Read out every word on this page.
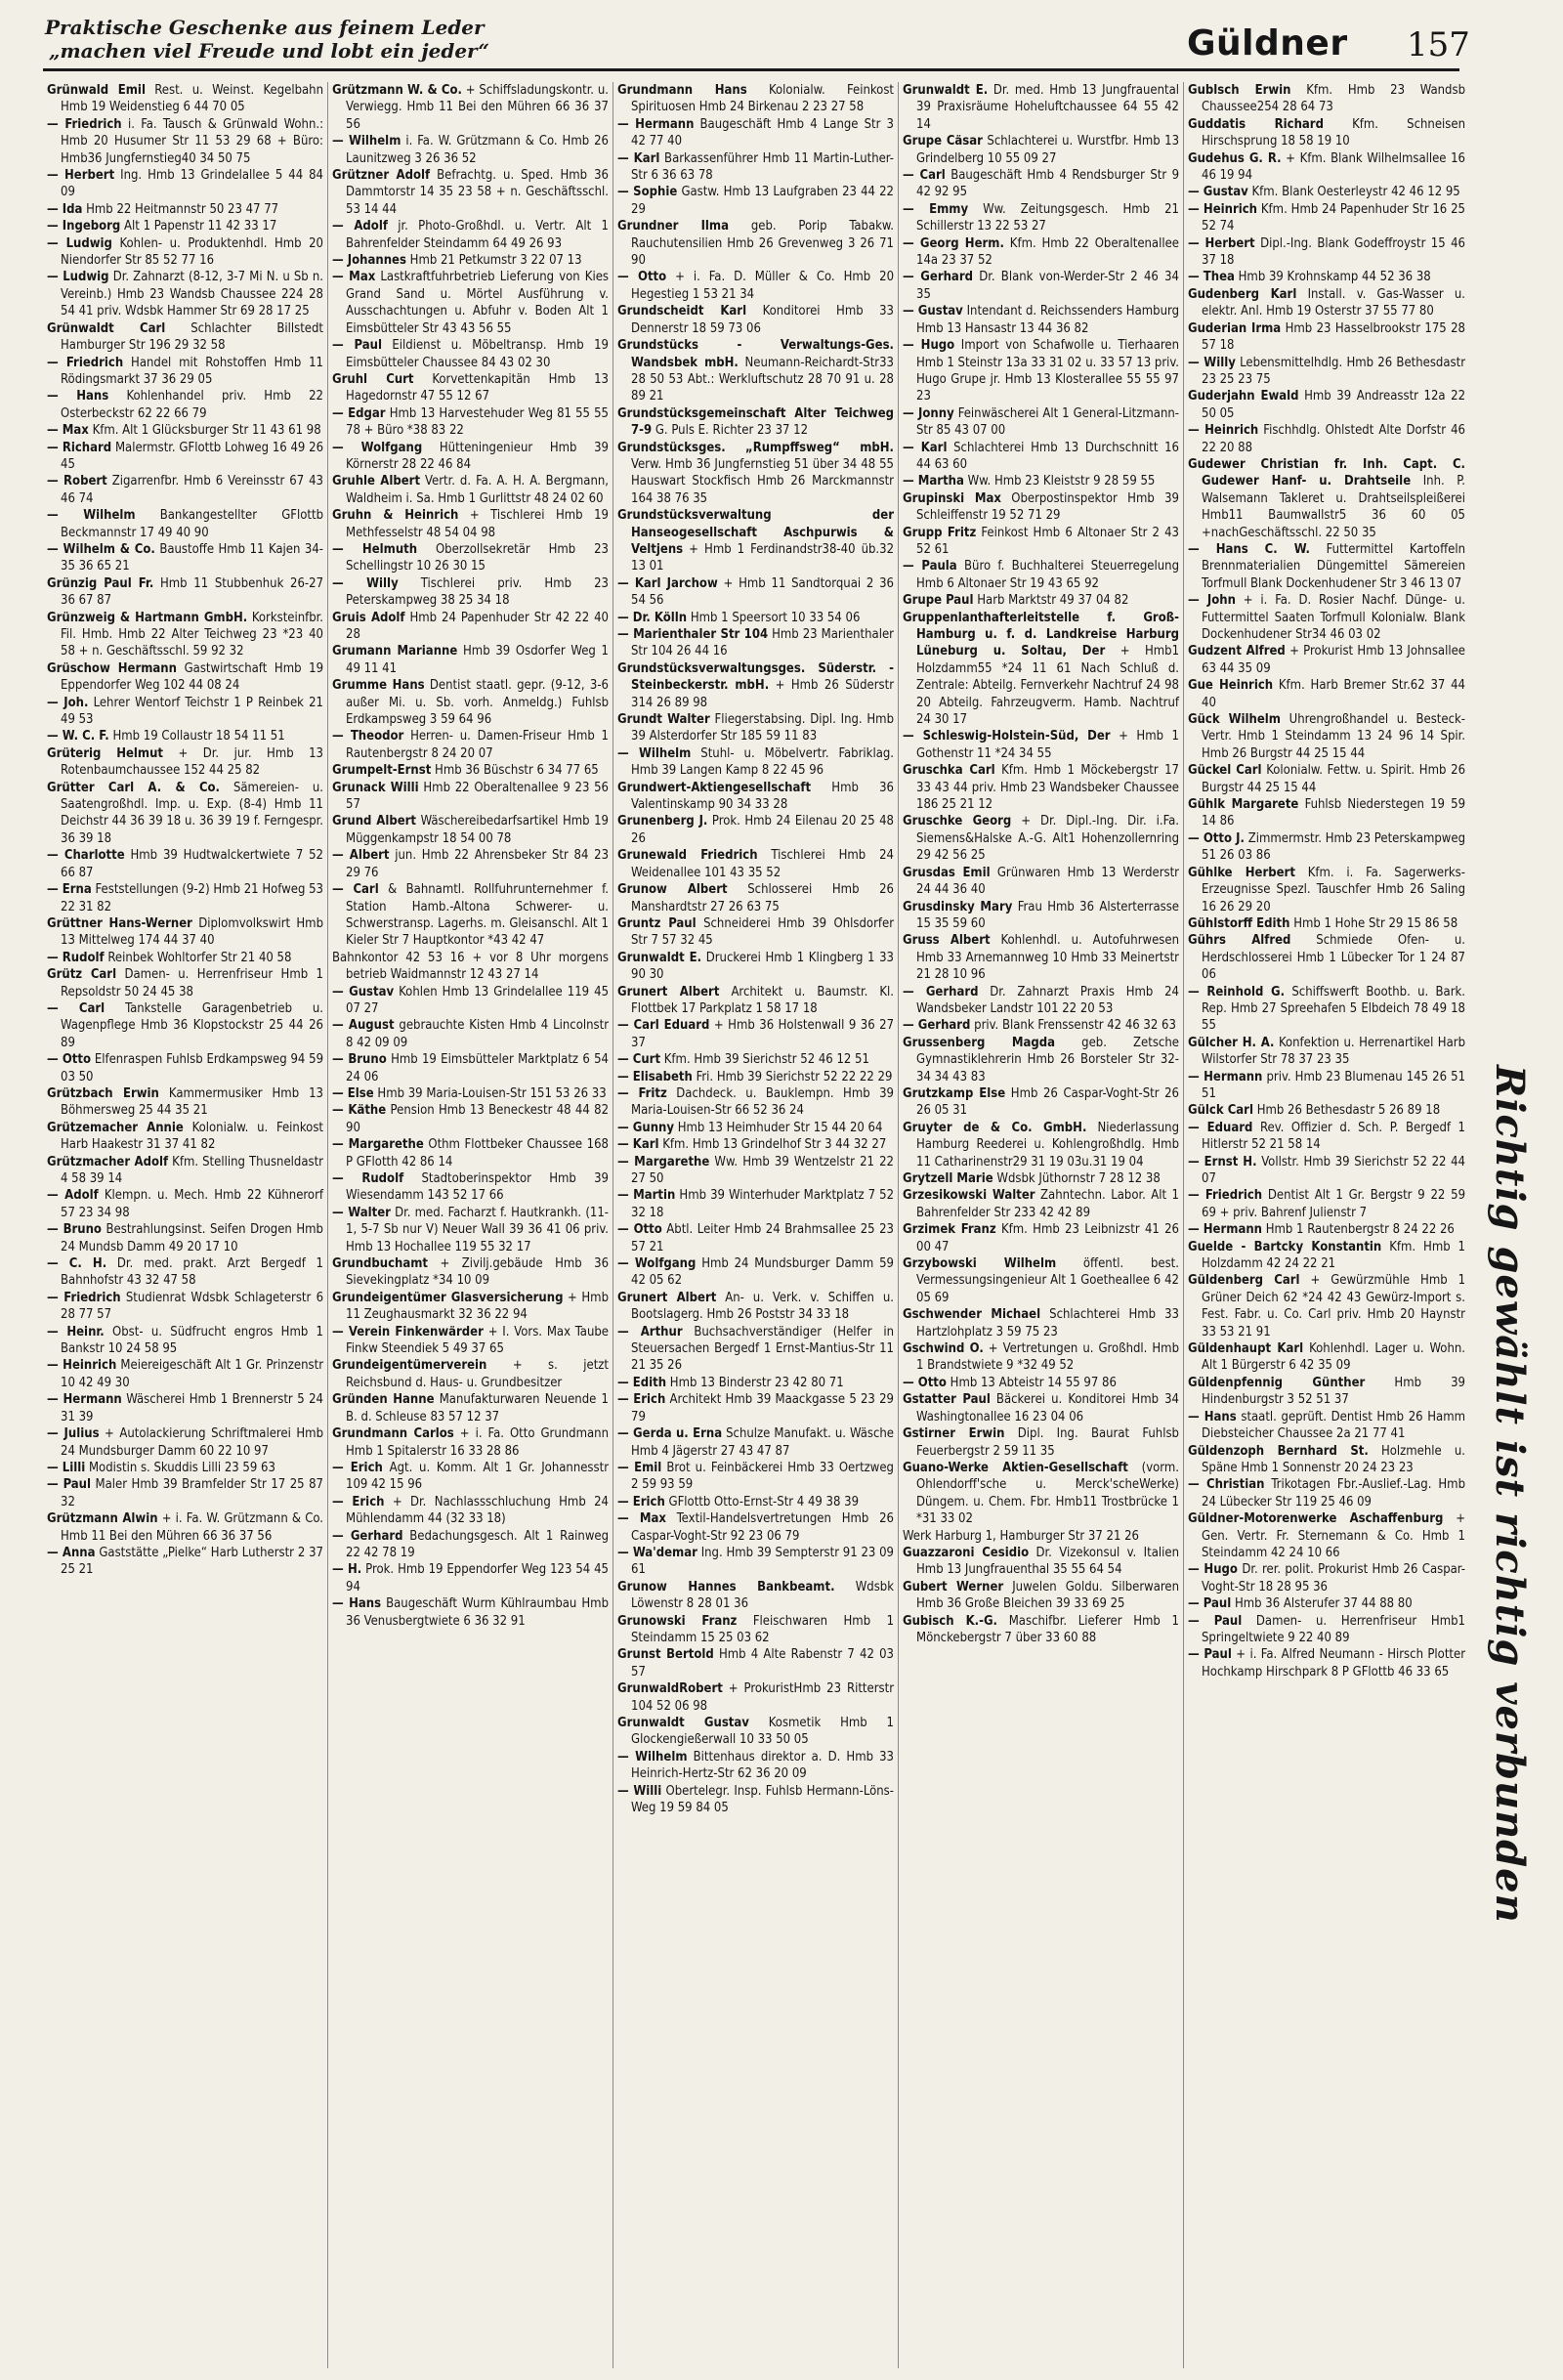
Praktische Geschenke aus feinem Leder
„machen viel Freude und lobt ein jeder“	Güldner 157

Grünwald Emil Rest. u. Weinst. Kegelbahn Hmb 19 Weidenstieg 6 44 70 05

— Friedrich i. Fa. Tausch & Grünwald Wohn.: Hmb 20 Husumer Str 11 53 29 68 + Büro: Hmb36 Jungfernstieg40 34 50 75

— Herbert Ing. Hmb 13 Grindelallee 5 44 84 09

— Ida Hmb 22 Heitmannstr 50 23 47 77

— Ingeborg Alt 1 Papenstr 11 42 33 17

— Ludwig Kohlen- u. Produktenhdl. Hmb 20 Niendorfer Str 85 52 77 16

— Ludwig Dr. Zahnarzt (8-12, 3-7 Mi N. u Sb n. Vereinb.) Hmb 23 Wandsb Chaussee 224 28 54 41 priv. Wdsbk Hammer Str 69 28 17 25

Grünwaldt Carl Schlachter Billstedt Hamburger Str 196 29 32 58

— Friedrich Handel mit Rohstoffen Hmb 11 Rödingsmarkt 37 36 29 05

— Hans Kohlenhandel priv. Hmb 22 Osterbeckstr 62 22 66 79

— Max Kfm. Alt 1 Glücksburger Str 11 43 61 98

— Richard Malermstr. GFlottb Lohweg 16 49 26 45

— Robert Zigarrenfbr. Hmb 6 Vereinsstr 67 43 46 74

— Wilhelm Bankangestellter GFlottb Beckmannstr 17 49 40 90

— Wilhelm & Co. Baustoffe Hmb 11 Kajen 34-35 36 65 21

Grünzig Paul Fr. Hmb 11 Stubbenhuk 26-27 36 67 87

Grünzweig & Hartmann GmbH. Korksteinfbr. Fil. Hmb. Hmb 22 Alter Teichweg 23 *23 40 58 + n. Geschäftsschl. 59 92 32

Grüschow Hermann Gastwirtschaft Hmb 19 Eppendorfer Weg 102 44 08 24

— Joh. Lehrer Wentorf Teichstr 1 P Reinbek 21 49 53

— W. C. F. Hmb 19 Collaustr 18 54 11 51

Grüterig Helmut + Dr. jur. Hmb 13 Rotenbaumchaussee 152 44 25 82

Grütter Carl A. & Co. Sämereien- u. Saatengroßhdl. Imp. u. Exp. (8-4) Hmb 11 Deichstr 44 36 39 18 u. 36 39 19 f. Ferngespr. 36 39 18

— Charlotte Hmb 39 Hudtwalckertwiete 7 52 66 87

— Erna Feststellungen (9-2) Hmb 21 Hofweg 53 22 31 82

Grüttner Hans-Werner Diplomvolkswirt Hmb 13 Mittelweg 174 44 37 40

— Rudolf Reinbek Wohltorfer Str 21 40 58

Grütz Carl Damen- u. Herrenfriseur Hmb 1 Repsoldstr 50 24 45 38

— Carl Tankstelle Garagenbetrieb u. Wagenpflege Hmb 36 Klopstockstr 25 44 26 89

— Otto Elfenraspen Fuhlsb Erdkampsweg 94 59 03 50

Grützbach Erwin Kammermusiker Hmb 13 Böhmersweg 25 44 35 21

Grützemacher Annie Kolonialw. u. Feinkost Harb Haakestr 31 37 41 82

Grützmacher Adolf Kfm. Stelling Thusneldastr 4 58 39 14

— Adolf Klempn. u. Mech. Hmb 22 Kühnerorf 57 23 34 98

— Bruno Bestrahlungsinst. Seifen Drogen Hmb 24 Mundsb Damm 49 20 17 10

— C. H. Dr. med. prakt. Arzt Bergedf 1 Bahnhofstr 43 32 47 58

— Friedrich Studienrat Wdsbk Schlageterstr 6 28 77 57

— Heinr. Obst- u. Südfrucht engros Hmb 1 Bankstr 10 24 58 95

— Heinrich Meiereigeschäft Alt 1 Gr. Prinzenstr 10 42 49 30

— Hermann Wäscherei Hmb 1 Brennerstr 5 24 31 39

— Julius + Autolackierung Schriftmalerei Hmb 24 Mundsburger Damm 60 22 10 97

— Lilli Modistin s. Skuddis Lilli 23 59 63

— Paul Maler Hmb 39 Bramfelder Str 17 25 87 32

Grützmann Alwin + i. Fa. W. Grützmann & Co. Hmb 11 Bei den Mühren 66 36 37 56

— Anna Gaststätte „Pielke“ Harb Lutherstr 2 37 25 21

Grützmann W. & Co. + Schiffsladungskontr. u. Verwiegg. Hmb 11 Bei den Mühren 66 36 37 56

— Wilhelm i. Fa. W. Grützmann & Co. Hmb 26 Launitzweg 3 26 36 52

Grützner Adolf Befrachtg. u. Sped. Hmb 36 Dammtorstr 14 35 23 58 + n. Geschäftsschl. 53 14 44

— Adolf jr. Photo-Großhdl. u. Vertr. Alt 1 Bahrenfelder Steindamm 64 49 26 93

— Johannes Hmb 21 Petkumstr 3 22 07 13

— Max Lastkraftfuhrbetrieb Lieferung von Kies Grand Sand u. Mörtel Ausführung v. Ausschachtungen u. Abfuhr v. Boden Alt 1 Eimsbütteler Str 43 43 56 55

— Paul Eildienst u. Möbeltransp. Hmb 19 Eimsbütteler Chaussee 84 43 02 30

Gruhl Curt Korvettenkapitän Hmb 13 Hagedornstr 47 55 12 67

— Edgar Hmb 13 Harvestehuder Weg 81 55 55 78 + Büro *38 83 22

— Wolfgang Hütteningenieur Hmb 39 Körnerstr 28 22 46 84

Gruhle Albert Vertr. d. Fa. A. H. A. Bergmann, Waldheim i. Sa. Hmb 1 Gurlittstr 48 24 02 60

Gruhn & Heinrich + Tischlerei Hmb 19 Methfesselstr 48 54 04 98

— Helmuth Oberzollsekretär Hmb 23 Schellingstr 10 26 30 15

— Willy Tischlerei priv. Hmb 23 Peterskampweg 38 25 34 18

Gruis Adolf Hmb 24 Papenhuder Str 42 22 40 28

Grumann Marianne Hmb 39 Osdorfer Weg 1 49 11 41

Grumme Hans Dentist staatl. gepr. (9-12, 3-6 außer Mi. u. Sb. vorh. Anmeldg.) Fuhlsb Erdkampsweg 3 59 64 96

— Theodor Herren- u. Damen-Friseur Hmb 1 Rautenbergstr 8 24 20 07

Grumpelt-Ernst Hmb 36 Büschstr 6 34 77 65

Grunack Willi Hmb 22 Oberaltenallee 9 23 56 57

Grund Albert Wäschereibedarfsartikel Hmb 19 Müggenkampstr 18 54 00 78

— Albert jun. Hmb 22 Ahrensbeker Str 84 23 29 76

— Carl & Bahnamtl. Rollfuhrunternehmer f. Station Hamb.-Altona Schwerer- u. Schwerstransp. Lagerhs. m. Gleisanschl. Alt 1 Kieler Str 7 Hauptkontor *43 42 47

Bahnkontor 42 53 16 + vor 8 Uhr morgens betrieb Waidmannstr 12 43 27 14

— Gustav Kohlen Hmb 13 Grindelallee 119 45 07 27

— August gebrauchte Kisten Hmb 4 Lincolnstr 8 42 09 09

— Bruno Hmb 19 Eimsbütteler Marktplatz 6 54 24 06

— Else Hmb 39 Maria-Louisen-Str 151 53 26 33

— Käthe Pension Hmb 13 Beneckestr 48 44 82 90

— Margarethe Othm Flottbeker Chaussee 168 P GFlotth 42 86 14

— Rudolf Stadtoberinspektor Hmb 39 Wiesendamm 143 52 17 66

— Walter Dr. med. Facharzt f. Hautkrankh. (11-1, 5-7 Sb nur V) Neuer Wall 39 36 41 06 priv. Hmb 13 Hochallee 119 55 32 17

Grundbuchamt + Zivilj.gebäude Hmb 36 Sievekingplatz *34 10 09

Grundeigentümer Glasversicherung + Hmb 11 Zeughausmarkt 32 36 22 94

— Verein Finkenwärder + I. Vors. Max Taube Finkw Steendiek 5 49 37 65

Grundeigentümerverein + s. jetzt Reichsbund d. Haus- u. Grundbesitzer

Gründen Hanne Manufakturwaren Neuende 1 B. d. Schleuse 83 57 12 37

Grundmann Carlos + i. Fa. Otto Grundmann Hmb 1 Spitalerstr 16 33 28 86

— Erich Agt. u. Komm. Alt 1 Gr. Johannesstr 109 42 15 96

— Erich + Dr. Nachlassschluchung Hmb 24 Mühlendamm 44 (32 33 18)

— Gerhard Bedachungsgesch. Alt 1 Rainweg 22 42 78 19

— H. Prok. Hmb 19 Eppendorfer Weg 123 54 45 94

— Hans Baugeschäft Wurm Kühlraumbau Hmb 36 Venusbergtwiete 6 36 32 91

Grundmann Hans Kolonialw. Feinkost Spirituosen Hmb 24 Birkenau 2 23 27 58

— Hermann Baugeschäft Hmb 4 Lange Str 3 42 77 40

— Karl Barkassenführer Hmb 11 Martin-Luther-Str 6 36 63 78

— Sophie Gastw. Hmb 13 Laufgraben 23 44 22 29

Grundner Ilma geb. Porip Tabakw. Rauchutensilien Hmb 26 Grevenweg 3 26 71 90

— Otto + i. Fa. D. Müller & Co. Hmb 20 Hegestieg 1 53 21 34

Grundscheidt Karl Konditorei Hmb 33 Dennerstr 18 59 73 06

Grundstücks - Verwaltungs-Ges. Wandsbek mbH. Neumann-Reichardt-Str33 28 50 53 Abt.: Werkluftschutz 28 70 91 u. 28 89 21

Grundstücksgemeinschaft Alter Teichweg 7-9 G. Puls E. Richter 23 37 12

Grundstücksges. „Rumpffsweg“ mbH. Verw. Hmb 36 Jungfernstieg 51 über 34 48 55 Hauswart Stockfisch Hmb 26 Marckmannstr 164 38 76 35

Grundstücksverwaltung der Hanseogesellschaft Aschpurwis & Veltjens + Hmb 1 Ferdinandstr38-40 üb.32 13 01

— Karl Jarchow + Hmb 11 Sandtorquai 2 36 54 56

— Dr. Kölln Hmb 1 Speersort 10 33 54 06

— Marienthaler Str 104 Hmb 23 Marienthaler Str 104 26 44 16

Grundstücksverwaltungsges. Süderstr. - Steinbeckerstr. mbH. + Hmb 26 Süderstr 314 26 89 98

Grundt Walter Fliegerstabsing. Dipl. Ing. Hmb 39 Alsterdorfer Str 185 59 11 83

— Wilhelm Stuhl- u. Möbelvertr. Fabriklag. Hmb 39 Langen Kamp 8 22 45 96

Grundwert-Aktiengesellschaft Hmb 36 Valentinskamp 90 34 33 28

Grunenberg J. Prok. Hmb 24 Eilenau 20 25 48 26

Grunewald Friedrich Tischlerei Hmb 24 Weidenallee 101 43 35 52

Grunow Albert Schlosserei Hmb 26 Manshardtstr 27 26 63 75

Gruntz Paul Schneiderei Hmb 39 Ohlsdorfer Str 7 57 32 45

Grunwaldt E. Druckerei Hmb 1 Klingberg 1 33 90 30

Grunert Albert Architekt u. Baumstr. Kl. Flottbek 17 Parkplatz 1 58 17 18

— Carl Eduard + Hmb 36 Holstenwall 9 36 27 37

— Curt Kfm. Hmb 39 Sierichstr 52 46 12 51

— Elisabeth Fri. Hmb 39 Sierichstr 52 22 22 29

— Fritz Dachdeck. u. Bauklempn. Hmb 39 Maria-Louisen-Str 66 52 36 24

— Gunny Hmb 13 Heimhuder Str 15 44 20 64

— Karl Kfm. Hmb 13 Grindelhof Str 3 44 32 27

— Margarethe Ww. Hmb 39 Wentzelstr 21 22 27 50

— Martin Hmb 39 Winterhuder Marktplatz 7 52 32 18

— Otto Abtl. Leiter Hmb 24 Brahmsallee 25 23 57 21

— Wolfgang Hmb 24 Mundsburger Damm 59 42 05 62

Grunert Albert An- u. Verk. v. Schiffen u. Bootslagerg. Hmb 26 Poststr 34 33 18

— Arthur Buchsachverständiger (Helfer in Steuersachen Bergedf 1 Ernst-Mantius-Str 11 21 35 26

— Edith Hmb 13 Binderstr 23 42 80 71

— Erich Architekt Hmb 39 Maackgasse 5 23 29 79

— Gerda u. Erna Schulze Manufakt. u. Wäsche Hmb 4 Jägerstr 27 43 47 87

— Emil Brot u. Feinbäckerei Hmb 33 Oertzweg 2 59 93 59

— Erich GFlottb Otto-Ernst-Str 4 49 38 39

— Max Textil-Handelsvertretungen Hmb 26 Caspar-Voght-Str 92 23 06 79

— Wa'demar Ing. Hmb 39 Sempterstr 91 23 09 61

Grunow Hannes Bankbeamt. Wdsbk Löwenstr 8 28 01 36

Grunowski Franz Fleischwaren Hmb 1 Steindamm 15 25 03 62

Grunst Bertold Hmb 4 Alte Rabenstr 7 42 03 57

GrunwaldRobert + ProkuristHmb 23 Ritterstr 104 52 06 98

Grunwaldt Gustav Kosmetik Hmb 1 Glockengießerwall 10 33 50 05

— Wilhelm Bittenhaus direktor a. D. Hmb 33 Heinrich-Hertz-Str 62 36 20 09

— Willi Obertelegr. Insp. Fuhlsb Hermann-Löns-Weg 19 59 84 05

Grunwaldt E. Dr. med. Hmb 13 Jungfrauental 39 Praxisräume Hoheluftchaussee 64 55 42 14

Grupe Cäsar Schlachterei u. Wurstfbr. Hmb 13 Grindelberg 10 55 09 27

— Carl Baugeschäft Hmb 4 Rendsburger Str 9 42 92 95

— Emmy Ww. Zeitungsgesch. Hmb 21 Schillerstr 13 22 53 27

— Georg Herm. Kfm. Hmb 22 Oberaltenallee 14a 23 37 52

— Gerhard Dr. Blank von-Werder-Str 2 46 34 35

— Gustav Intendant d. Reichssenders Hamburg Hmb 13 Hansastr 13 44 36 82

— Hugo Import von Schafwolle u. Tierhaaren Hmb 1 Steinstr 13a 33 31 02 u. 33 57 13 priv. Hugo Grupe jr. Hmb 13 Klosterallee 55 55 97 23

— Jonny Feinwäscherei Alt 1 General-Litzmann-Str 85 43 07 00

— Karl Schlachterei Hmb 13 Durchschnitt 16 44 63 60

— Martha Ww. Hmb 23 Kleiststr 9 28 59 55

Grupinski Max Oberpostinspektor Hmb 39 Schleiffenstr 19 52 71 29

Grupp Fritz Feinkost Hmb 6 Altonaer Str 2 43 52 61

— Paula Büro f. Buchhalterei Steuerregelung Hmb 6 Altonaer Str 19 43 65 92

Grupe Paul Harb Marktstr 49 37 04 82

Gruppenlanthafterleitstelle f. Groß-Hamburg u. f. d. Landkreise Harburg Lüneburg u. Soltau, Der + Hmb1 Holzdamm55 *24 11 61 Nach Schluß d. Zentrale: Abteilg. Fernverkehr Nachtruf 24 98 20 Abteilg. Fahrzeugverm. Hamb. Nachtruf 24 30 17

— Schleswig-Holstein-Süd, Der + Hmb 1 Gothenstr 11 *24 34 55

Gruschka Carl Kfm. Hmb 1 Möckebergstr 17 33 43 44 priv. Hmb 23 Wandsbeker Chaussee 186 25 21 12

Gruschke Georg + Dr. Dipl.-Ing. Dir. i.Fa. Siemens&Halske A.-G. Alt1 Hohenzollernring 29 42 56 25

Grusdas Emil Grünwaren Hmb 13 Werderstr 24 44 36 40

Grusdinsky Mary Frau Hmb 36 Alsterterrasse 15 35 59 60

Gruss Albert Kohlenhdl. u. Autofuhrwesen Hmb 33 Arnemannweg 10 Hmb 33 Meinertstr 21 28 10 96

— Gerhard Dr. Zahnarzt Praxis Hmb 24 Wandsbeker Landstr 101 22 20 53

— Gerhard priv. Blank Frenssenstr 42 46 32 63

Grussenberg Magda geb. Zetsche Gymnastiklehrerin Hmb 26 Borsteler Str 32-34 34 43 83

Grutzkamp Else Hmb 26 Caspar-Voght-Str 26 26 05 31

Gruyter de & Co. GmbH. Niederlassung Hamburg Reederei u. Kohlengroßhdlg. Hmb 11 Catharinenstr29 31 19 03u.31 19 04

Grytzell Marie Wdsbk Jüthornstr 7 28 12 38

Grzesikowski Walter Zahntechn. Labor. Alt 1 Bahrenfelder Str 233 42 42 89

Grzimek Franz Kfm. Hmb 23 Leibnizstr 41 26 00 47

Grzybowski Wilhelm öffentl. best. Vermessungsingenieur Alt 1 Goetheallee 6 42 05 69

Gschwender Michael Schlachterei Hmb 33 Hartzlohplatz 3 59 75 23

Gschwind O. + Vertretungen u. Großhdl. Hmb 1 Brandstwiete 9 *32 49 52

— Otto Hmb 13 Abteistr 14 55 97 86

Gstatter Paul Bäckerei u. Konditorei Hmb 34 Washingtonallee 16 23 04 06

Gstirner Erwin Dipl. Ing. Baurat Fuhlsb Feuerbergstr 2 59 11 35

Guano-Werke Aktien-Gesellschaft (vorm. Ohlendorff'sche u. Merck'scheWerke) Düngem. u. Chem. Fbr. Hmb11 Trostbrücke 1 *31 33 02

Werk Harburg 1, Hamburger Str 37 21 26

Guazzaroni Cesidio Dr. Vizekonsul v. Italien Hmb 13 Jungfrauenthal 35 55 64 54

Gubert Werner Juwelen Goldu. Silberwaren Hmb 36 Große Bleichen 39 33 69 25

Gubisch K.-G. Maschifbr. Lieferer Hmb 1 Mönckebergstr 7 über 33 60 88

Gublsch Erwin Kfm. Hmb 23 Wandsb Chaussee254 28 64 73

Guddatis Richard Kfm. Schneisen Hirschsprung 18 58 19 10

Gudehus G. R. + Kfm. Blank Wilhelmsallee 16 46 19 94

— Gustav Kfm. Blank Oesterleystr 42 46 12 95

— Heinrich Kfm. Hmb 24 Papenhuder Str 16 25 52 74

— Herbert Dipl.-Ing. Blank Godeffroystr 15 46 37 18

— Thea Hmb 39 Krohnskamp 44 52 36 38

Gudenberg Karl Install. v. Gas-Wasser u. elektr. Anl. Hmb 19 Osterstr 37 55 77 80

Guderian Irma Hmb 23 Hasselbrookstr 175 28 57 18

— Willy Lebensmittelhdlg. Hmb 26 Bethesdastr 23 25 23 75

Guderjahn Ewald Hmb 39 Andreasstr 12a 22 50 05

— Heinrich Fischhdlg. Ohlstedt Alte Dorfstr 46 22 20 88

Gudewer Christian fr. Inh. Capt. C. Gudewer Hanf- u. Drahtseile Inh. P. Walsemann Takleret u. Drahtseilspleißerei Hmb11 Baumwallstr5 36 60 05 +nachGeschäftsschl. 22 50 35

— Hans C. W. Futtermittel Kartoffeln Brennmaterialien Düngemittel Sämereien Torfmull Blank Dockenhudener Str 3 46 13 07

— John + i. Fa. D. Rosier Nachf. Dünge- u. Futtermittel Saaten Torfmull Kolonialw. Blank Dockenhudener Str34 46 03 02

Gudzent Alfred + Prokurist Hmb 13 Johnsallee 63 44 35 09

Gue Heinrich Kfm. Harb Bremer Str.62 37 44 40

Gück Wilhelm Uhrengroßhandel u. Besteck-Vertr. Hmb 1 Steindamm 13 24 96 14 Spir. Hmb 26 Burgstr 44 25 15 44

Gückel Carl Kolonialw. Fettw. u. Spirit. Hmb 26 Burgstr 44 25 15 44

Gühlk Margarete Fuhlsb Niederstegen 19 59 14 86

— Otto J. Zimmermstr. Hmb 23 Peterskampweg 51 26 03 86

Gühlke Herbert Kfm. i. Fa. Sagerwerks-Erzeugnisse Spezl. Tauschfer Hmb 26 Saling 16 26 29 20

Gühlstorff Edith Hmb 1 Hohe Str 29 15 86 58

Gührs Alfred Schmiede Ofen- u. Herdschlosserei Hmb 1 Lübecker Tor 1 24 87 06

— Reinhold G. Schiffswerft Boothb. u. Bark. Rep. Hmb 27 Spreehafen 5 Elbdeich 78 49 18 55

Gülcher H. A. Konfektion u. Herrenartikel Harb Wilstorfer Str 78 37 23 35

— Hermann priv. Hmb 23 Blumenau 145 26 51 51

Gülck Carl Hmb 26 Bethesdastr 5 26 89 18

— Eduard Rev. Offizier d. Sch. P. Bergedf 1 Hitlerstr 52 21 58 14

— Ernst H. Vollstr. Hmb 39 Sierichstr 52 22 44 07

— Friedrich Dentist Alt 1 Gr. Bergstr 9 22 59 69 + priv. Bahrenf Julienstr 7

— Hermann Hmb 1 Rautenbergstr 8 24 22 26

Guelde - Bartcky Konstantin Kfm. Hmb 1 Holzdamm 42 24 22 21

Güldenberg Carl + Gewürzmühle Hmb 1 Grüner Deich 62 *24 42 43 Gewürz-Import s. Fest. Fabr. u. Co. Carl priv. Hmb 20 Haynstr 33 53 21 91

Güldenhaupt Karl Kohlenhdl. Lager u. Wohn. Alt 1 Bürgerstr 6 42 35 09

Güldenpfennig Günther Hmb 39 Hindenburgstr 3 52 51 37

— Hans staatl. geprüft. Dentist Hmb 26 Hamm Diebsteicher Chaussee 2a 21 77 41

Güldenzoph Bernhard St. Holzmehle u. Späne Hmb 1 Sonnenstr 20 24 23 23

— Christian Trikotagen Fbr.-Auslief.-Lag. Hmb 24 Lübecker Str 119 25 46 09

Güldner-Motorenwerke Aschaffenburg + Gen. Vertr. Fr. Sternemann & Co. Hmb 1 Steindamm 42 24 10 66

— Hugo Dr. rer. polit. Prokurist Hmb 26 Caspar-Voght-Str 18 28 95 36

— Paul Hmb 36 Alsterufer 37 44 88 80

— Paul Damen- u. Herrenfriseur Hmb1 Springeltwiete 9 22 40 89

— Paul + i. Fa. Alfred Neumann - Hirsch Plotter Hochkamp Hirschpark 8 P GFlottb 46 33 65 Richtig gewählt ist richtig verbunden
